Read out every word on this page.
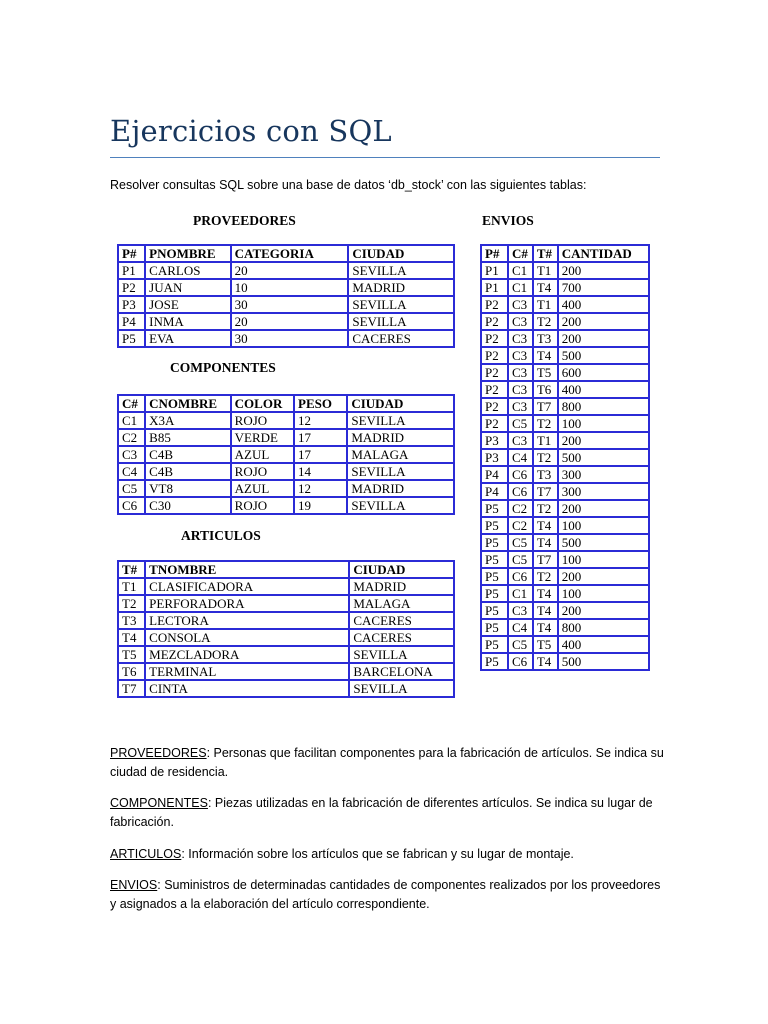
Ejercicios con SQL

Resolver consultas SQL sobre una base de datos ‘db_stock’ con las siguientes tablas:

PROVEEDORES

P#	PNOMBRE	CATEGORIA	CIUDAD
P1	CARLOS	20	SEVILLA
P2	JUAN	10	MADRID
P3	JOSE	30	SEVILLA
P4	INMA	20	SEVILLA
P5	EVA	30	CACERES

COMPONENTES

C#	CNOMBRE	COLOR	PESO	CIUDAD
C1	X3A	ROJO	12	SEVILLA
C2	B85	VERDE	17	MADRID
C3	C4B	AZUL	17	MALAGA
C4	C4B	ROJO	14	SEVILLA
C5	VT8	AZUL	12	MADRID
C6	C30	ROJO	19	SEVILLA

ARTICULOS

T#	TNOMBRE	CIUDAD
T1	CLASIFICADORA	MADRID
T2	PERFORADORA	MALAGA
T3	LECTORA	CACERES
T4	CONSOLA	CACERES
T5	MEZCLADORA	SEVILLA
T6	TERMINAL	BARCELONA
T7	CINTA	SEVILLA

ENVIOS

P#	C#	T#	CANTIDAD
P1	C1	T1	200
P1	C1	T4	700
P2	C3	T1	400
P2	C3	T2	200
P2	C3	T3	200
P2	C3	T4	500
P2	C3	T5	600
P2	C3	T6	400
P2	C3	T7	800
P2	C5	T2	100
P3	C3	T1	200
P3	C4	T2	500
P4	C6	T3	300
P4	C6	T7	300
P5	C2	T2	200
P5	C2	T4	100
P5	C5	T4	500
P5	C5	T7	100
P5	C6	T2	200
P5	C1	T4	100
P5	C3	T4	200
P5	C4	T4	800
P5	C5	T5	400
P5	C6	T4	500

PROVEEDORES: Personas que facilitan componentes para la fabricación de artículos. Se indica su ciudad de residencia.

COMPONENTES: Piezas utilizadas en la fabricación de diferentes artículos. Se indica su lugar de fabricación.

ARTICULOS: Información sobre los artículos que se fabrican y su lugar de montaje.

ENVIOS: Suministros de determinadas cantidades de componentes realizados por los proveedores y asignados a la elaboración del artículo correspondiente.
